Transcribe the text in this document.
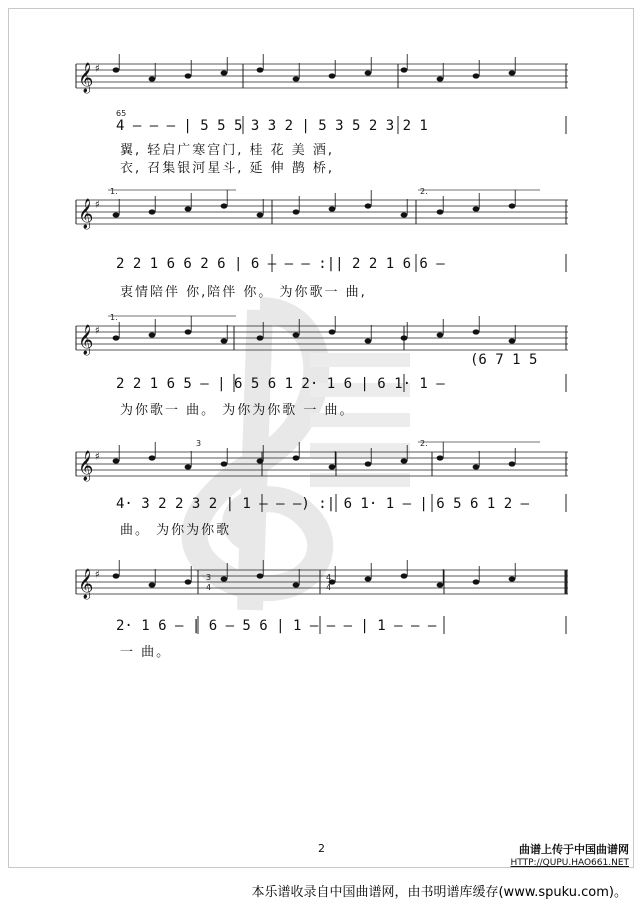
𝄞 ♯
𝄞 ♯
𝄞 ♯
𝄞 ♯
𝄞 ♯
4 – – – | 5 5 5 3 3 2 | 5 3 5 2 3 2 1
65
翼, 轻启广寒宫门, 桂 花 美 酒,
衣, 召集银河星斗, 延 伸 鹊 桥,
2 2 1 6 6 2 6 | 6 – – – :|| 2 2 1 6 6 –
1.	2.
衷情陪伴 你,陪伴 你。 为你歌一 曲,
2 2 1 6 5 – | 6 5 6 1 2· 1 6 | 6 1· 1 –
(6 7 1 5
1.
为你歌一 曲。 为你为你歌 一 曲。
4· 3 2 2 3 2 | 1 – – –) :| 6 1· 1 – | 6 5 6 1 2 –
2.
3
曲。 为你为你歌
2· 1 6 – | 6 – 5 6 | 1 – – – | 1 – – –
3
4
4
4
一 曲。
2	曲谱上传于中国曲谱网
HTTP://QUPU.HAO661.NET
本乐谱收录自中国曲谱网，由书明谱库缓存(www.spuku.com)。
